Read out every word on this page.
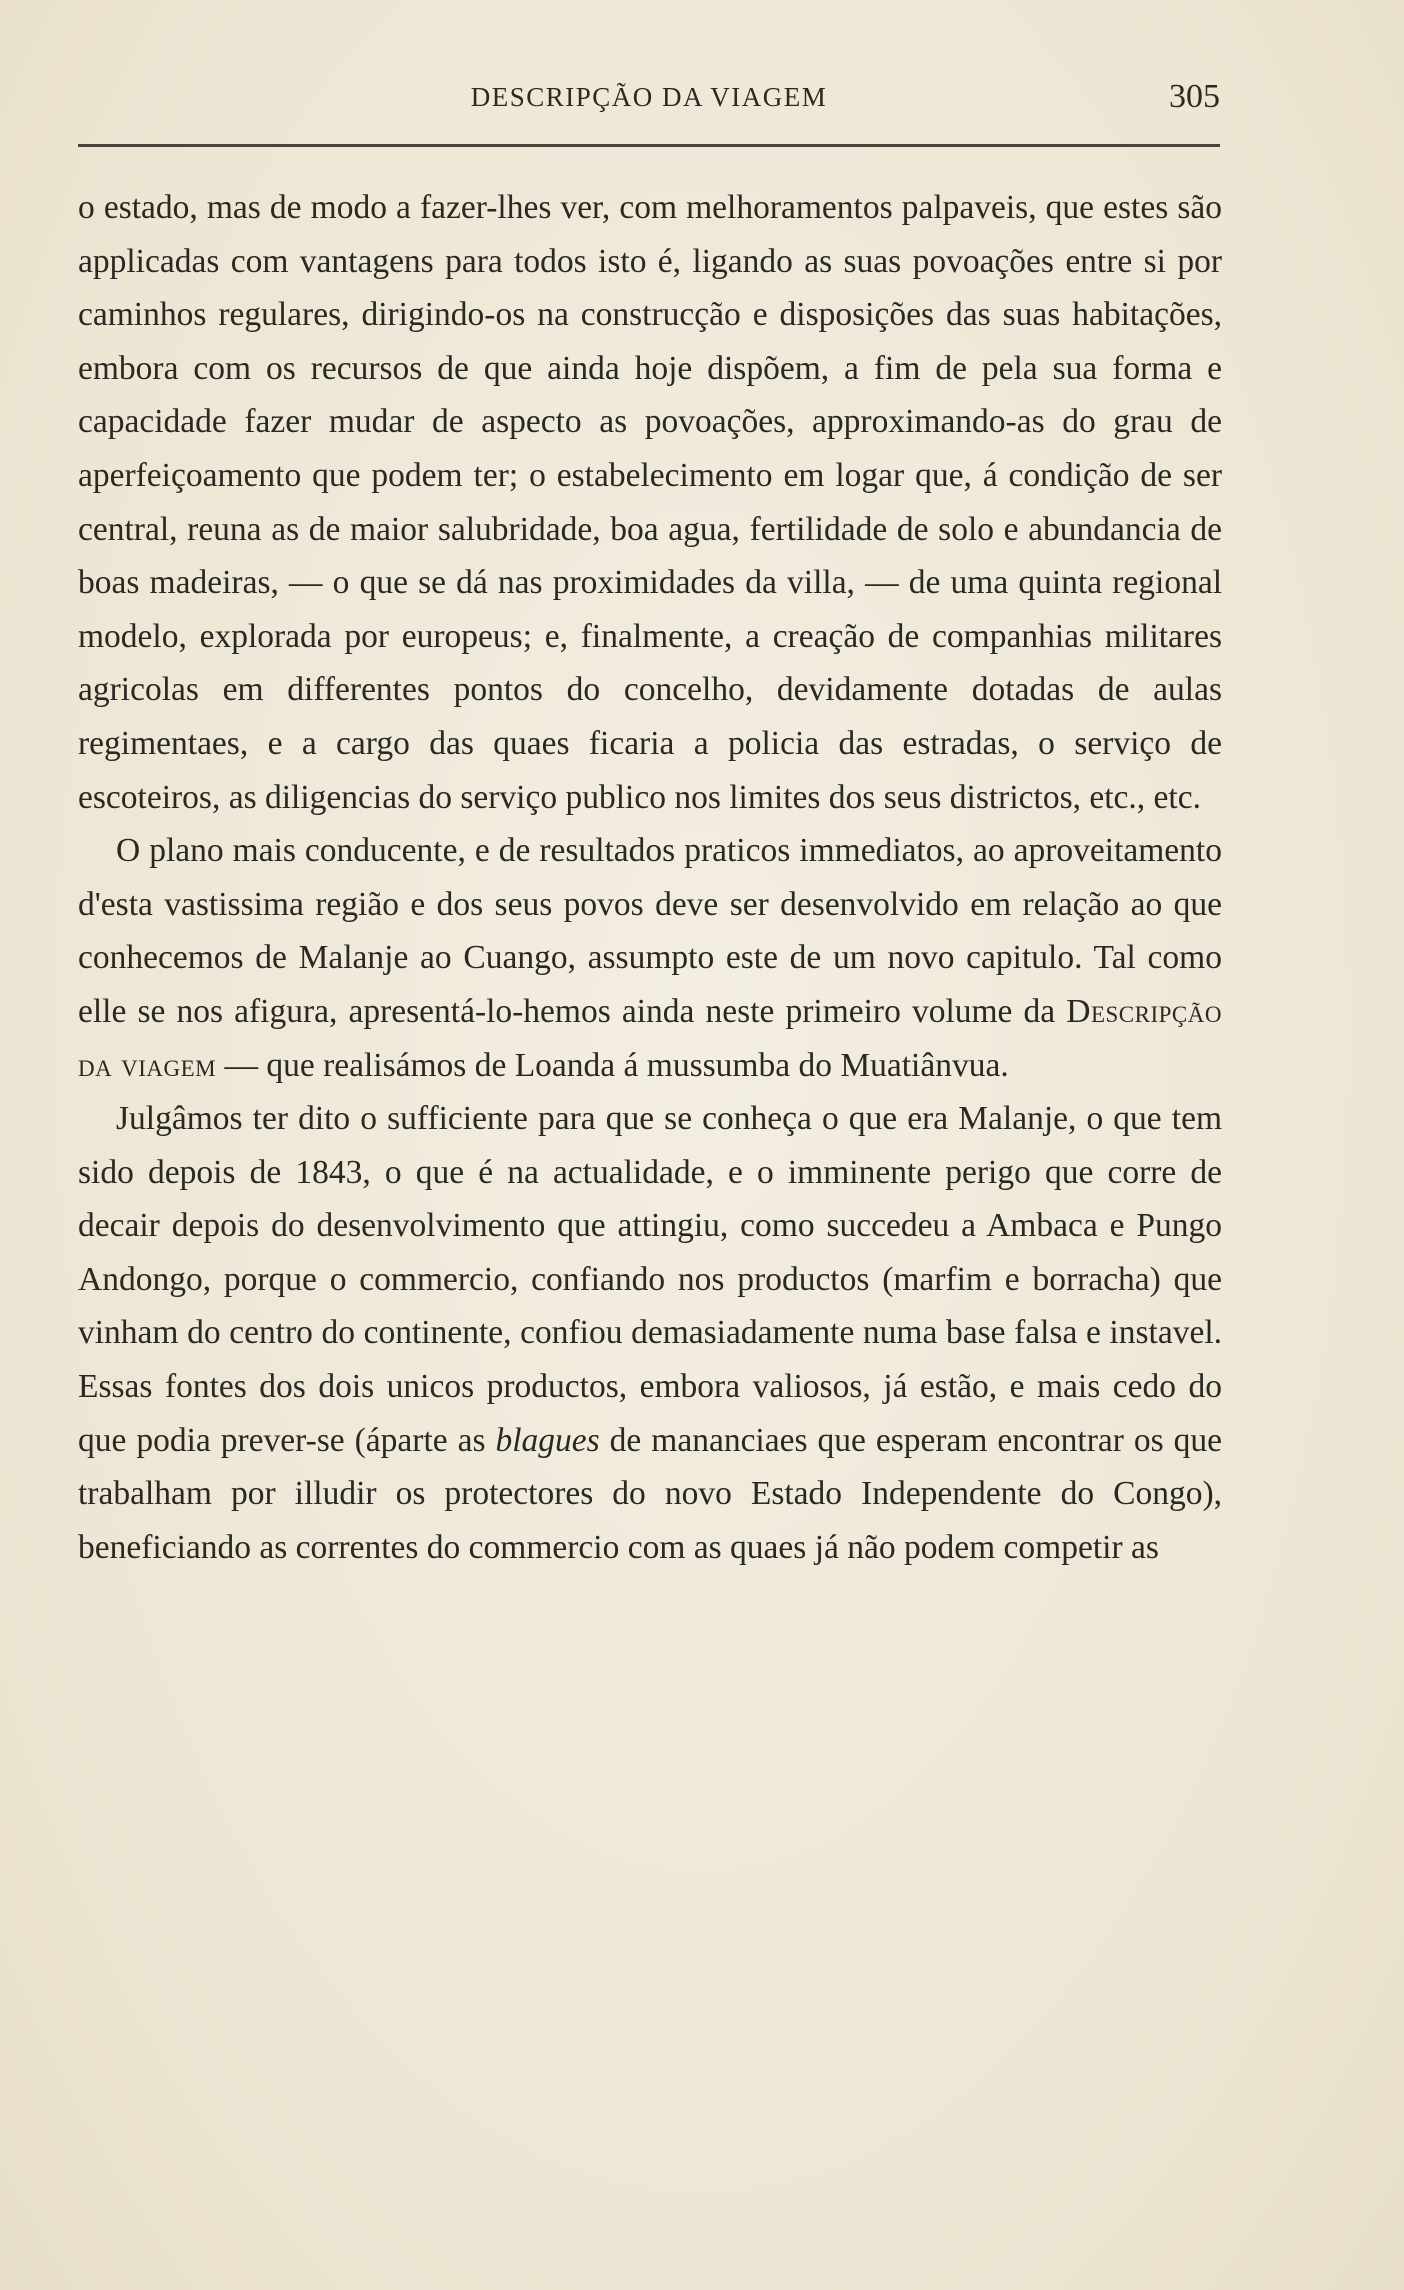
DESCRIPÇÃO DA VIAGEM	305

o estado, mas de modo a fazer-lhes ver, com melhoramentos palpaveis, que estes são applicadas com vantagens para todos isto é, ligando as suas povoações entre si por caminhos regulares, dirigindo-os na construcção e disposições das suas habitações, embora com os recursos de que ainda hoje dispõem, a fim de pela sua forma e capacidade fazer mudar de aspecto as povoações, approximando-as do grau de aperfeiçoamento que podem ter; o estabelecimento em logar que, á condição de ser central, reuna as de maior salubridade, boa agua, fertilidade de solo e abundancia de boas madeiras, — o que se dá nas proximidades da villa, — de uma quinta regional modelo, explorada por europeus; e, finalmente, a creação de companhias militares agricolas em differentes pontos do concelho, devidamente dotadas de aulas regimentaes, e a cargo das quaes ficaria a policia das estradas, o serviço de escoteiros, as diligencias do serviço publico nos limites dos seus districtos, etc., etc.

O plano mais conducente, e de resultados praticos immediatos, ao aproveitamento d'esta vastissima região e dos seus povos deve ser desenvolvido em relação ao que conhecemos de Malanje ao Cuango, assumpto este de um novo capitulo. Tal como elle se nos afigura, apresentá-lo-hemos ainda neste primeiro volume da Descripção da viagem — que realisámos de Loanda á mussumba do Muatiânvua.

Julgâmos ter dito o sufficiente para que se conheça o que era Malanje, o que tem sido depois de 1843, o que é na actualidade, e o imminente perigo que corre de decair depois do desenvolvimento que attingiu, como succedeu a Ambaca e Pungo Andongo, porque o commercio, confiando nos productos (marfim e borracha) que vinham do centro do continente, confiou demasiadamente numa base falsa e instavel. Essas fontes dos dois unicos productos, embora valiosos, já estão, e mais cedo do que podia prever-se (áparte as blagues de mananciaes que esperam encontrar os que trabalham por illudir os protectores do novo Estado Independente do Congo), beneficiando as correntes do commercio com as quaes já não podem competir as
